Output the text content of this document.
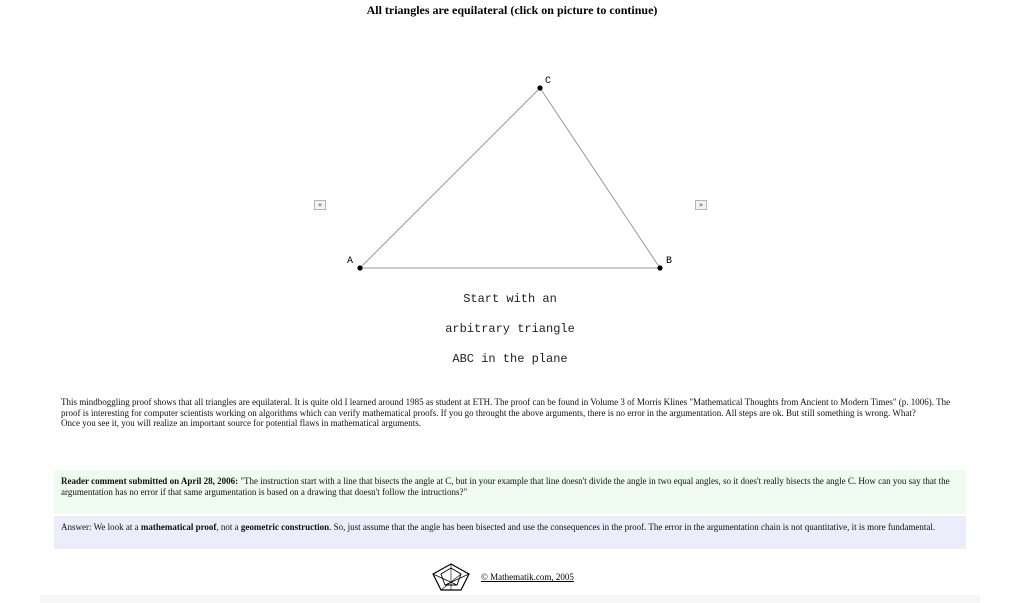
All triangles are equilateral (click on picture to continue)
«	»
A	B
C
Start with an
arbitrary triangle
ABC in the plane
This mindboggling proof shows that all triangles are equilateral. It is quite old I learned around 1985 as student at ETH. The proof can be found in Volume 3 of Morris Klines "Mathematical Thoughts from Ancient to Modern Times" (p. 1006). The proof is interesting for computer scientists working on algorithms which can verify mathematical proofs. If you go throught the above arguments, there is no error in the argumentation. All steps are ok. But still something is wrong. What?
Once you see it, you will realize an important source for potential flaws in mathematical arguments.
Reader comment submitted on April 28, 2006: "The instruction start with a line that bisects the angle at C, but in your example that line doesn't divide the angle in two equal angles, so it does't really bisects the angle C. How can you say that the argumentation has no error if that same argumentation is based on a drawing that doesn't follow the intructions?"
Answer: We look at a mathematical proof, not a geometric construction. So, just assume that the angle has been bisected and use the consequences in the proof. The error in the argumentation chain is not quantitative, it is more fundamental.
© Mathematik.com, 2005
